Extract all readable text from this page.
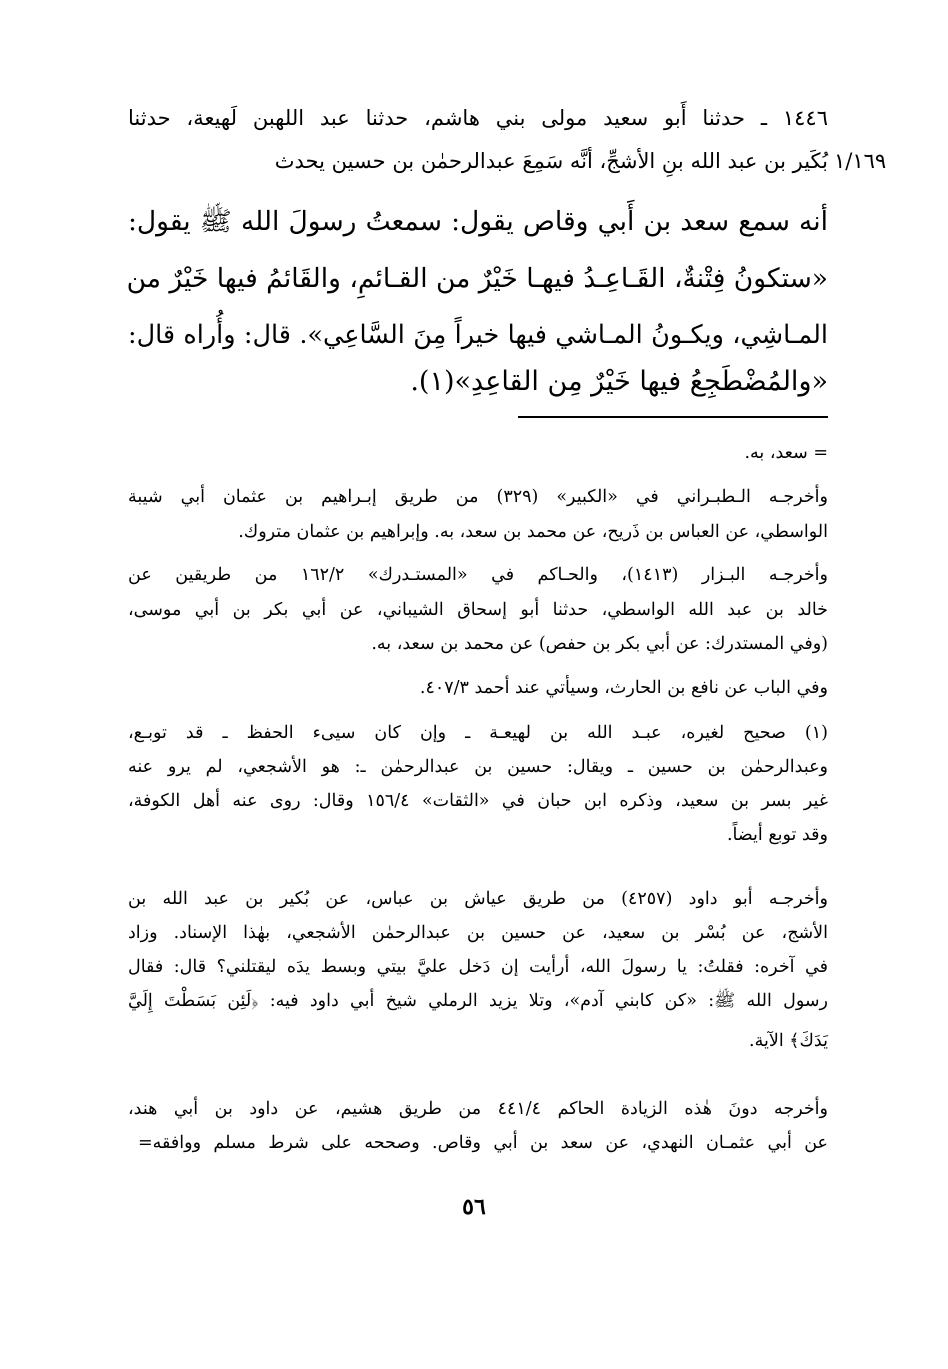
١٤٤٦ ـ حدثنا أَبو سعيد مولى بني هاشم، حدثنا عبد اللهبن لَهيعة، حدثنا
بُكَير بن عبد الله بنِ الأشجِّ، أنَّه سَمِعَ عبدالرحمٰن بن حسين يحدث ١/١٦٩
أنه سمع سعد بن أَبي وقاص يقول: سمعتُ رسولَ الله ﷺ يقول:
«ستكونُ فِتْنةٌ، القَـاعِـدُ فيهـا خَيْرٌ من القـائمِ، والقَائمُ فيها خَيْرٌ من
المـاشِي، ويكـونُ المـاشي فيها خيراً مِنَ السَّاعِي». قال: وأُراه قال:
«والمُضْطَجِعُ فيها خَيْرٌ مِن القاعِدِ»(١).
= سعد، به.
وأخرجـه الـطبـراني في «الكبير» (٣٢٩) من طريق إبـراهيم بن عثمان أبي شيبة
الواسطي، عن العباس بن ذَريح، عن محمد بن سعد، به. وإبراهيم بن عثمان متروك.
وأخرجـه البـزار (١٤١٣)، والحـاكم في «المستـدرك» ١٦٢/٢ من طريقين عن
خالد بن عبد الله الواسطي، حدثنا أبو إسحاق الشيباني، عن أبي بكر بن أبي موسى،
(وفي المستدرك: عن أبي بكر بن حفص) عن محمد بن سعد، به.
وفي الباب عن نافع بن الحارث، وسيأتي عند أحمد ٤٠٧/٣.
(١) صحيح لغيره، عبـد الله بن لهيعـة ـ وإن كان سيىء الحفظ ـ قد توبـع،
وعبدالرحمٰن بن حسين ـ ويقال: حسين بن عبدالرحمٰن ـ: هو الأشجعي، لم يرو عنه
غير بسر بن سعيد، وذكره ابن حبان في «الثقات» ١٥٦/٤ وقال: روى عنه أهل الكوفة،
وقد توبع أيضاً.
وأخرجـه أبو داود (٤٢٥٧) من طريق عياش بن عباس، عن بُكير بن عبد الله بن
الأشج، عن بُسْر بن سعيد، عن حسين بن عبدالرحمٰن الأشجعي، بهٰذا الإسناد. وزاد
في آخره: فقلتُ: يا رسولَ الله، أرأيت إن دَخل عليَّ بيتي وبسط يدَه ليقتلني؟ قال: فقال
رسول الله ﷺ: «كن كابني آدم»، وتلا يزيد الرملي شيخ أبي داود فيه: ﴿لَئِن بَسَطْتَ إِلَيَّ
يَدَكَ﴾ الآية.
وأخرجه دونَ هٰذه الزيادة الحاكم ٤٤١/٤ من طريق هشيم، عن داود بن أبي هند،
عن أبي عثمـان النهدي، عن سعد بن أبي وقاص. وصححه على شرط مسلم ووافقه=
٥٦
